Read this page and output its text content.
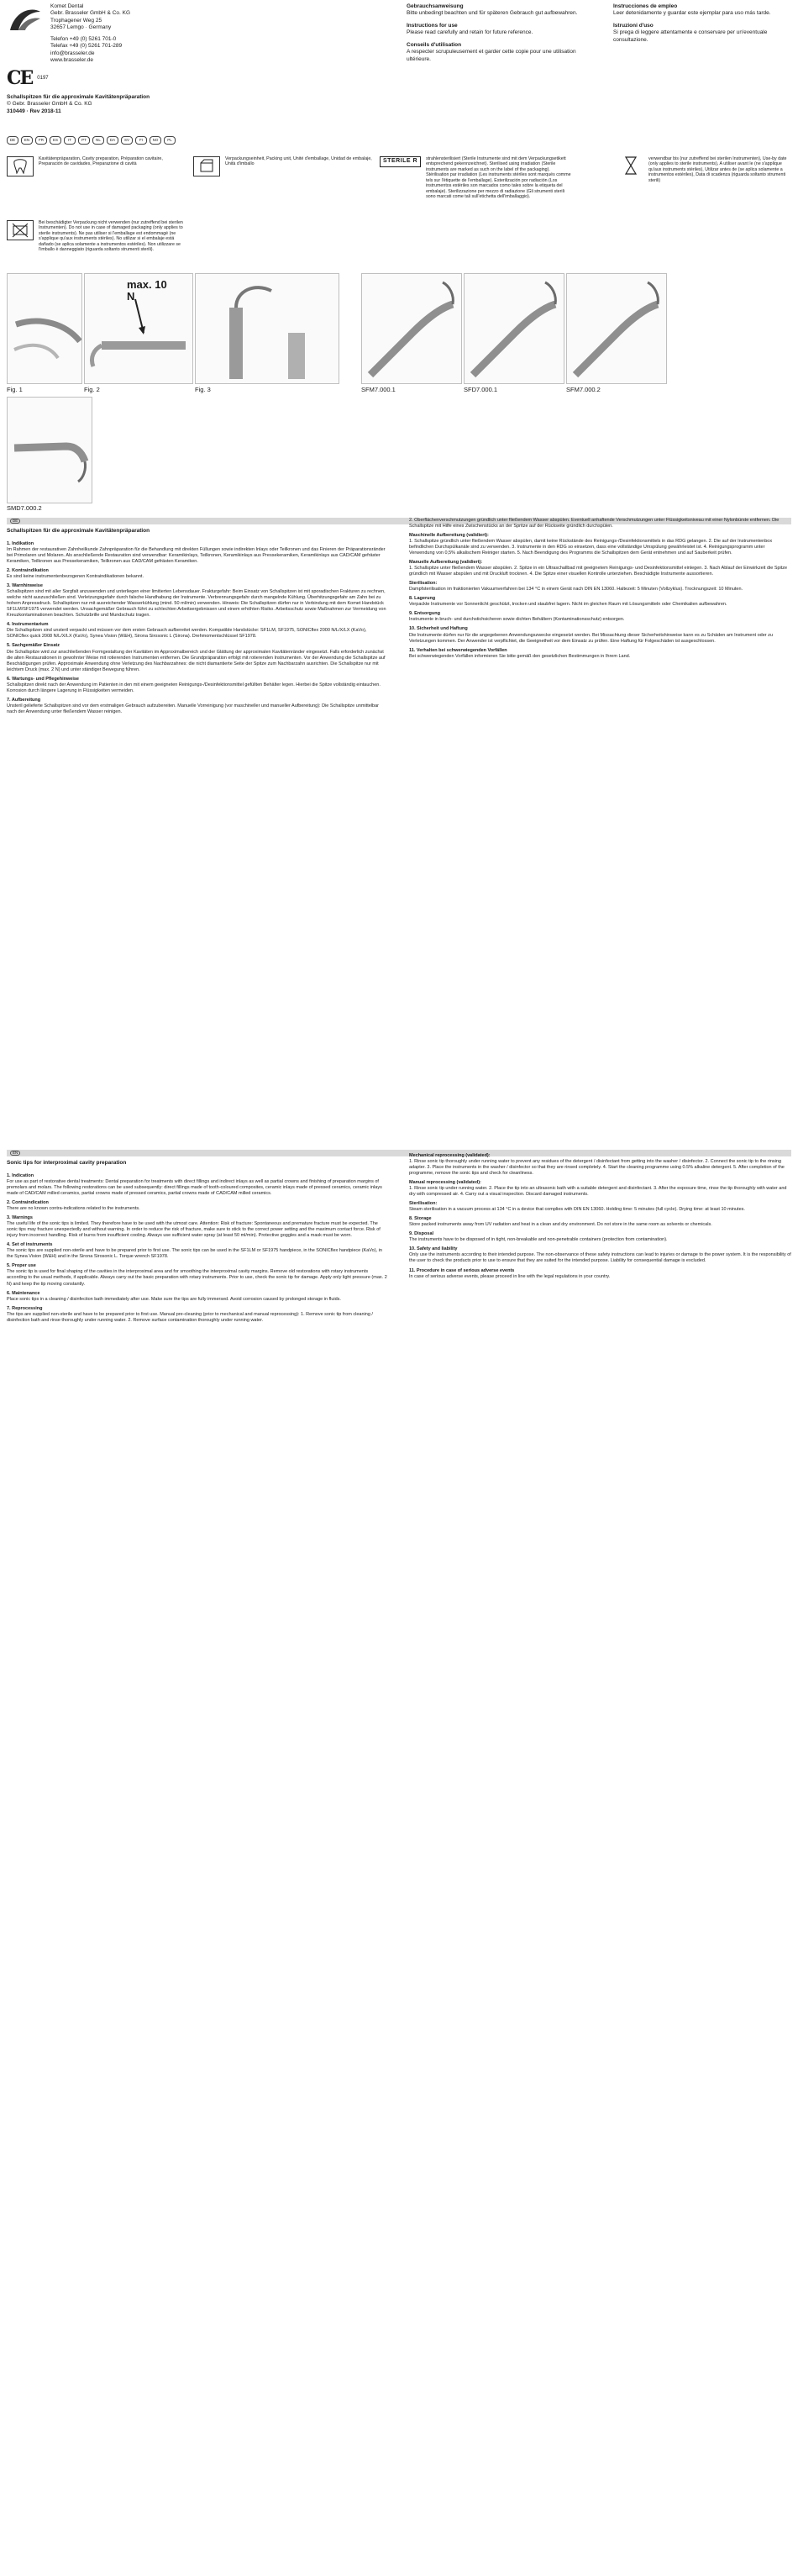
Komet Dental
Gebr. Brasseler GmbH & Co. KG
Trophagener Weg 25
32657 Lemgo · Germany
Telefon +49 (0) 5261 701-0
Telefax +49 (0) 5261 701-289
info@brasseler.de
www.brasseler.de
CE 0197
Schallspitzen für die approximale Kavitätenpräparation
© Gebr. Brasseler GmbH & Co. KG
310449 · Rev 2018-11
DE	EN	FR	ES	IT	PT	NL	DA	SV	FI	NO	PL
Gebrauchsanweisung
Bitte unbedingt beachten und für späteren Gebrauch gut aufbewahren.
Instructions for use
Please read carefully and retain for future reference.
Conseils d'utilisation
A respecter scrupuleusement et garder cette copie pour une utilisation ultérieure.
Instrucciones de empleo
Leer detenidamente y guardar este ejemplar para uso más tarde.
Istruzioni d'uso
Si prega di leggere attentamente e conservare per un'eventuale consultazione.
Kavitätenpräparation, Cavity preparation, Préparation cavitaire, Preparación de cavidades, Preparazione di cavità
Verpackungseinheit, Packing unit, Unité d'emballage, Unidad de embalaje, Unità d'imballo
STERILE R	strahlensterilisiert (Sterile Instrumente sind mit dem Verpackungsetikett entsprechend gekennzeichnet). Sterilised using irradiation (Sterile instruments are marked as such on the label of the packaging). Stérilisation par irradiation (Les instruments stériles sont marqués comme tels sur l'étiquette de l'emballage). Esterilización por radiación (Los instrumentos estériles son marcados como tales sobre la etiqueta del embalaje). Sterilizzazione per mezzo di radiazione (Gli strumenti sterili sono marcati come tali sull'etichetta dell'imballaggio).
verwendbar bis (nur zutreffend bei sterilen Instrumenten), Use-by date (only applies to sterile instruments), A utiliser avant le (ne s'applique qu'aux instruments stériles), Utilizar antes de (se aplica solamente a instrumentos estériles), Data di scadenza (riguarda soltanto strumenti sterili)
Bei beschädigter Verpackung nicht verwenden (nur zutreffend bei sterilen Instrumenten). Do not use in case of damaged packaging (only applies to sterile instruments). Ne pas utiliser si l'emballage est endommagé (ne s'applique qu'aux instruments stériles). No utilizar si el embalaje está dañado (se aplica solamente a instrumentos estériles). Non utilizzare se l'imballo è danneggiato (riguarda soltanto strumenti sterili).
max. 10 N
Fig. 1	Fig. 2	Fig. 3	SFM7.000.1	SFD7.000.1	SFM7.000.2
SMD7.000.2
DE
Schallspitzen für die approximale Kavitätenpräparation
1. Indikation

Im Rahmen der restaurativen Zahnheilkunde Zahnpräparation für die Behandlung mit direkten Füllungen sowie indirekten Inlays oder Teilkronen und das Finieren der Präparationsränder bei Primolaren und Molaren. Als anschließende Restauration sind verwendbar: Keramikinlays, Teilkronen, Keramikinlays aus Pressekeramiken, Keramikinlays aus CAD/CAM gefräster Keramiken, Teilkronen aus Pressekeramiken, Teilkronen aus CAD/CAM gefrästen Keramiken.

2. Kontraindikation

Es sind keine instrumentenbezogenen Kontraindikationen bekannt.

3. Warnhinweise

Schallspitzen sind mit aller Sorgfalt anzuwenden und unterliegen einer limitierten Lebensdauer. Frakturgefahr: Beim Einsatz von Schallspitzen ist mit sporadischen Frakturen zu rechnen, welche nicht auszuschließen sind. Verletzungsgefahr durch falsche Handhabung der Instrumente. Verbrennungsgefahr durch mangelnde Kühlung. Überhitzungsgefahr am Zahn bei zu hohem Anpressdruck. Schallspitzen nur mit ausreichender Wasserkühlung (mind. 50 ml/min) verwenden. Hinweis: Die Schallspitzen dürfen nur in Verbindung mit dem Komet Handstück SF1LM/SF1975 verwendet werden. Unsachgemäßer Gebrauch führt zu schlechten Arbeitsergebnissen und einem erhöhten Risiko. Arbeitsschutz sowie Maßnahmen zur Vermeidung von Kreuzkontaminationen beachten. Schutzbrille und Mundschutz tragen.

4. Instrumentarium

Die Schallspitzen sind unsteril verpackt und müssen vor dem ersten Gebrauch aufbereitet werden. Kompatible Handstücke: SF1LM, SF1975, SONICflex 2000 N/L/X/LX (KaVo), SONICflex quick 2008 N/L/X/LX (KaVo), Synea Vision (W&H), Sirona Sirosonic L (Sirona). Drehmomentschlüssel SF1978.

5. Sachgemäßer Einsatz

Die Schallspitze wird zur anschließenden Formgestaltung der Kavitäten im Approximalbereich und der Glättung der approximalen Kavitätenränder eingesetzt. Falls erforderlich zunächst die alten Restaurationen in gewohnter Weise mit rotierenden Instrumenten entfernen. Die Grundpräparation erfolgt mit rotierenden Instrumenten. Vor der Anwendung die Schallspitze auf Beschädigungen prüfen. Approximale Anwendung ohne Verletzung des Nachbarzahnes: die nicht diamantierte Seite der Spitze zum Nachbarzahn ausrichten. Die Schallspitze nur mit leichtem Druck (max. 2 N) und unter ständiger Bewegung führen.

6. Wartungs- und Pflegehinweise

Schallspitzen direkt nach der Anwendung im Patienten in den mit einem geeigneten Reinigungs-/Desinfektionsmittel gefüllten Behälter legen. Hierbei die Spitze vollständig eintauchen. Korrosion durch längere Lagerung in Flüssigkeiten vermeiden.

7. Aufbereitung

Unsteril gelieferte Schallspitzen sind vor dem erstmaligen Gebrauch aufzubereiten. Manuelle Vorreinigung (vor maschineller und manueller Aufbereitung): Die Schallspitze unmittelbar nach der Anwendung unter fließendem Wasser reinigen.

2. Oberflächenverschmutzungen gründlich unter fließendem Wasser abspülen. Eventuell anhaftende Verschmutzungen unter Flüssigkeitsniveau mit einer Nylonbürste entfernen. Die Schallspitze mit Hilfe eines Zwischenstücks an der Spritze auf der Rückseite gründlich durchspülen.

Maschinelle Aufbereitung (validiert):

1. Schallspitze gründlich unter fließendem Wasser abspülen, damit keine Rückstände des Reinigungs-/Desinfektionsmittels in das RDG gelangen. 2. Die auf der Instrumentenbox befindlichen Durchspülkanäle sind zu verwenden. 3. Instrumente in den RDG so einsetzen, dass eine vollständige Umspülung gewährleistet ist. 4. Reinigungsprogramm unter Verwendung von 0,5% alkalischem Reiniger starten. 5. Nach Beendigung des Programms die Schallspitzen dem Gerät entnehmen und auf Sauberkeit prüfen.

Manuelle Aufbereitung (validiert):

1. Schallspitze unter fließendem Wasser abspülen. 2. Spitze in ein Ultraschallbad mit geeignetem Reinigungs- und Desinfektionsmittel einlegen. 3. Nach Ablauf der Einwirkzeit die Spitze gründlich mit Wasser abspülen und mit Druckluft trocknen. 4. Die Spitze einer visuellen Kontrolle unterziehen. Beschädigte Instrumente aussortieren.

Sterilisation:

Dampfsterilisation im fraktionierten Vakuumverfahren bei 134 °C in einem Gerät nach DIN EN 13060. Haltezeit: 5 Minuten (Vollzyklus). Trocknungszeit: 10 Minuten.

8. Lagerung

Verpackte Instrumente vor Sonnenlicht geschützt, trocken und staubfrei lagern. Nicht im gleichen Raum mit Lösungsmitteln oder Chemikalien aufbewahren.

9. Entsorgung

Instrumente in bruch- und durchstichsicheren sowie dichten Behältern (Kontaminationsschutz) entsorgen.

10. Sicherheit und Haftung

Die Instrumente dürfen nur für die angegebenen Anwendungszwecke eingesetzt werden. Bei Missachtung dieser Sicherheitshinweise kann es zu Schäden am Instrument oder zu Verletzungen kommen. Der Anwender ist verpflichtet, die Geeignetheit vor dem Einsatz zu prüfen. Eine Haftung für Folgeschäden ist ausgeschlossen.

11. Verhalten bei schwerwiegenden Vorfällen

Bei schwerwiegenden Vorfällen informieren Sie bitte gemäß den gesetzlichen Bestimmungen in Ihrem Land.

EN
Sonic tips for interproximal cavity preparation
1. Indication

For use as part of restorative dental treatments: Dental preparation for treatments with direct fillings and indirect inlays as well as partial crowns and finishing of preparation margins of premolars and molars. The following restorations can be used subsequently: direct fillings made of tooth-coloured composites, ceramic inlays made of pressed ceramics, ceramic inlays made of CAD/CAM milled ceramics, partial crowns made of pressed ceramics, partial crowns made of CAD/CAM milled ceramics.

2. Contraindication

There are no known contra-indications related to the instruments.

3. Warnings

The useful life of the sonic tips is limited. They therefore have to be used with the utmost care. Attention: Risk of fracture: Spontaneous and premature fracture must be expected. The sonic tips may fracture unexpectedly and without warning. In order to reduce the risk of fracture, make sure to stick to the correct power setting and the maximum contact force. Risk of injury from incorrect handling. Risk of burns from insufficient cooling. Always use sufficient water spray (at least 50 ml/min). Protective goggles and a mask must be worn.

4. Set of instruments

The sonic tips are supplied non-sterile and have to be prepared prior to first use. The sonic tips can be used in the SF1LM or SF1975 handpiece, in the SONICflex handpiece (KaVo), in the Synea Vision (W&H) and in the Sirona Sirosonic L. Torque wrench SF1978.

5. Proper use

The sonic tip is used for final shaping of the cavities in the interproximal area and for smoothing the interproximal cavity margins. Remove old restorations with rotary instruments according to the usual methods, if applicable. Always carry out the basic preparation with rotary instruments. Prior to use, check the sonic tip for damage. Apply only light pressure (max. 2 N) and keep the tip moving constantly.

6. Maintenance

Place sonic tips in a cleaning / disinfection bath immediately after use. Make sure the tips are fully immersed. Avoid corrosion caused by prolonged storage in fluids.

7. Reprocessing

The tips are supplied non-sterile and have to be prepared prior to first use. Manual pre-cleaning (prior to mechanical and manual reprocessing): 1. Remove sonic tip from cleaning / disinfection bath and rinse thoroughly under running water. 2. Remove surface contamination thoroughly under running water.

Mechanical reprocessing (validated):

1. Rinse sonic tip thoroughly under running water to prevent any residues of the detergent / disinfectant from getting into the washer / disinfector. 2. Connect the sonic tip to the rinsing adapter. 3. Place the instruments in the washer / disinfector so that they are rinsed completely. 4. Start the cleaning programme using 0.5% alkaline detergent. 5. After completion of the programme, remove the sonic tips and check for cleanliness.

Manual reprocessing (validated):

1. Rinse sonic tip under running water. 2. Place the tip into an ultrasonic bath with a suitable detergent and disinfectant. 3. After the exposure time, rinse the tip thoroughly with water and dry with compressed air. 4. Carry out a visual inspection. Discard damaged instruments.

Sterilisation:

Steam sterilisation in a vacuum process at 134 °C in a device that complies with DIN EN 13060. Holding time: 5 minutes (full cycle). Drying time: at least 10 minutes.

8. Storage

Store packed instruments away from UV radiation and heat in a clean and dry environment. Do not store in the same room as solvents or chemicals.

9. Disposal

The instruments have to be disposed of in tight, non-breakable and non-penetrable containers (protection from contamination).

10. Safety and liability

Only use the instruments according to their intended purpose. The non-observance of these safety instructions can lead to injuries or damage to the power system. It is the responsibility of the user to check the products prior to use to ensure that they are suited for the intended purpose. Liability for consequential damage is excluded.

11. Procedure in case of serious adverse events

In case of serious adverse events, please proceed in line with the legal regulations in your country.
